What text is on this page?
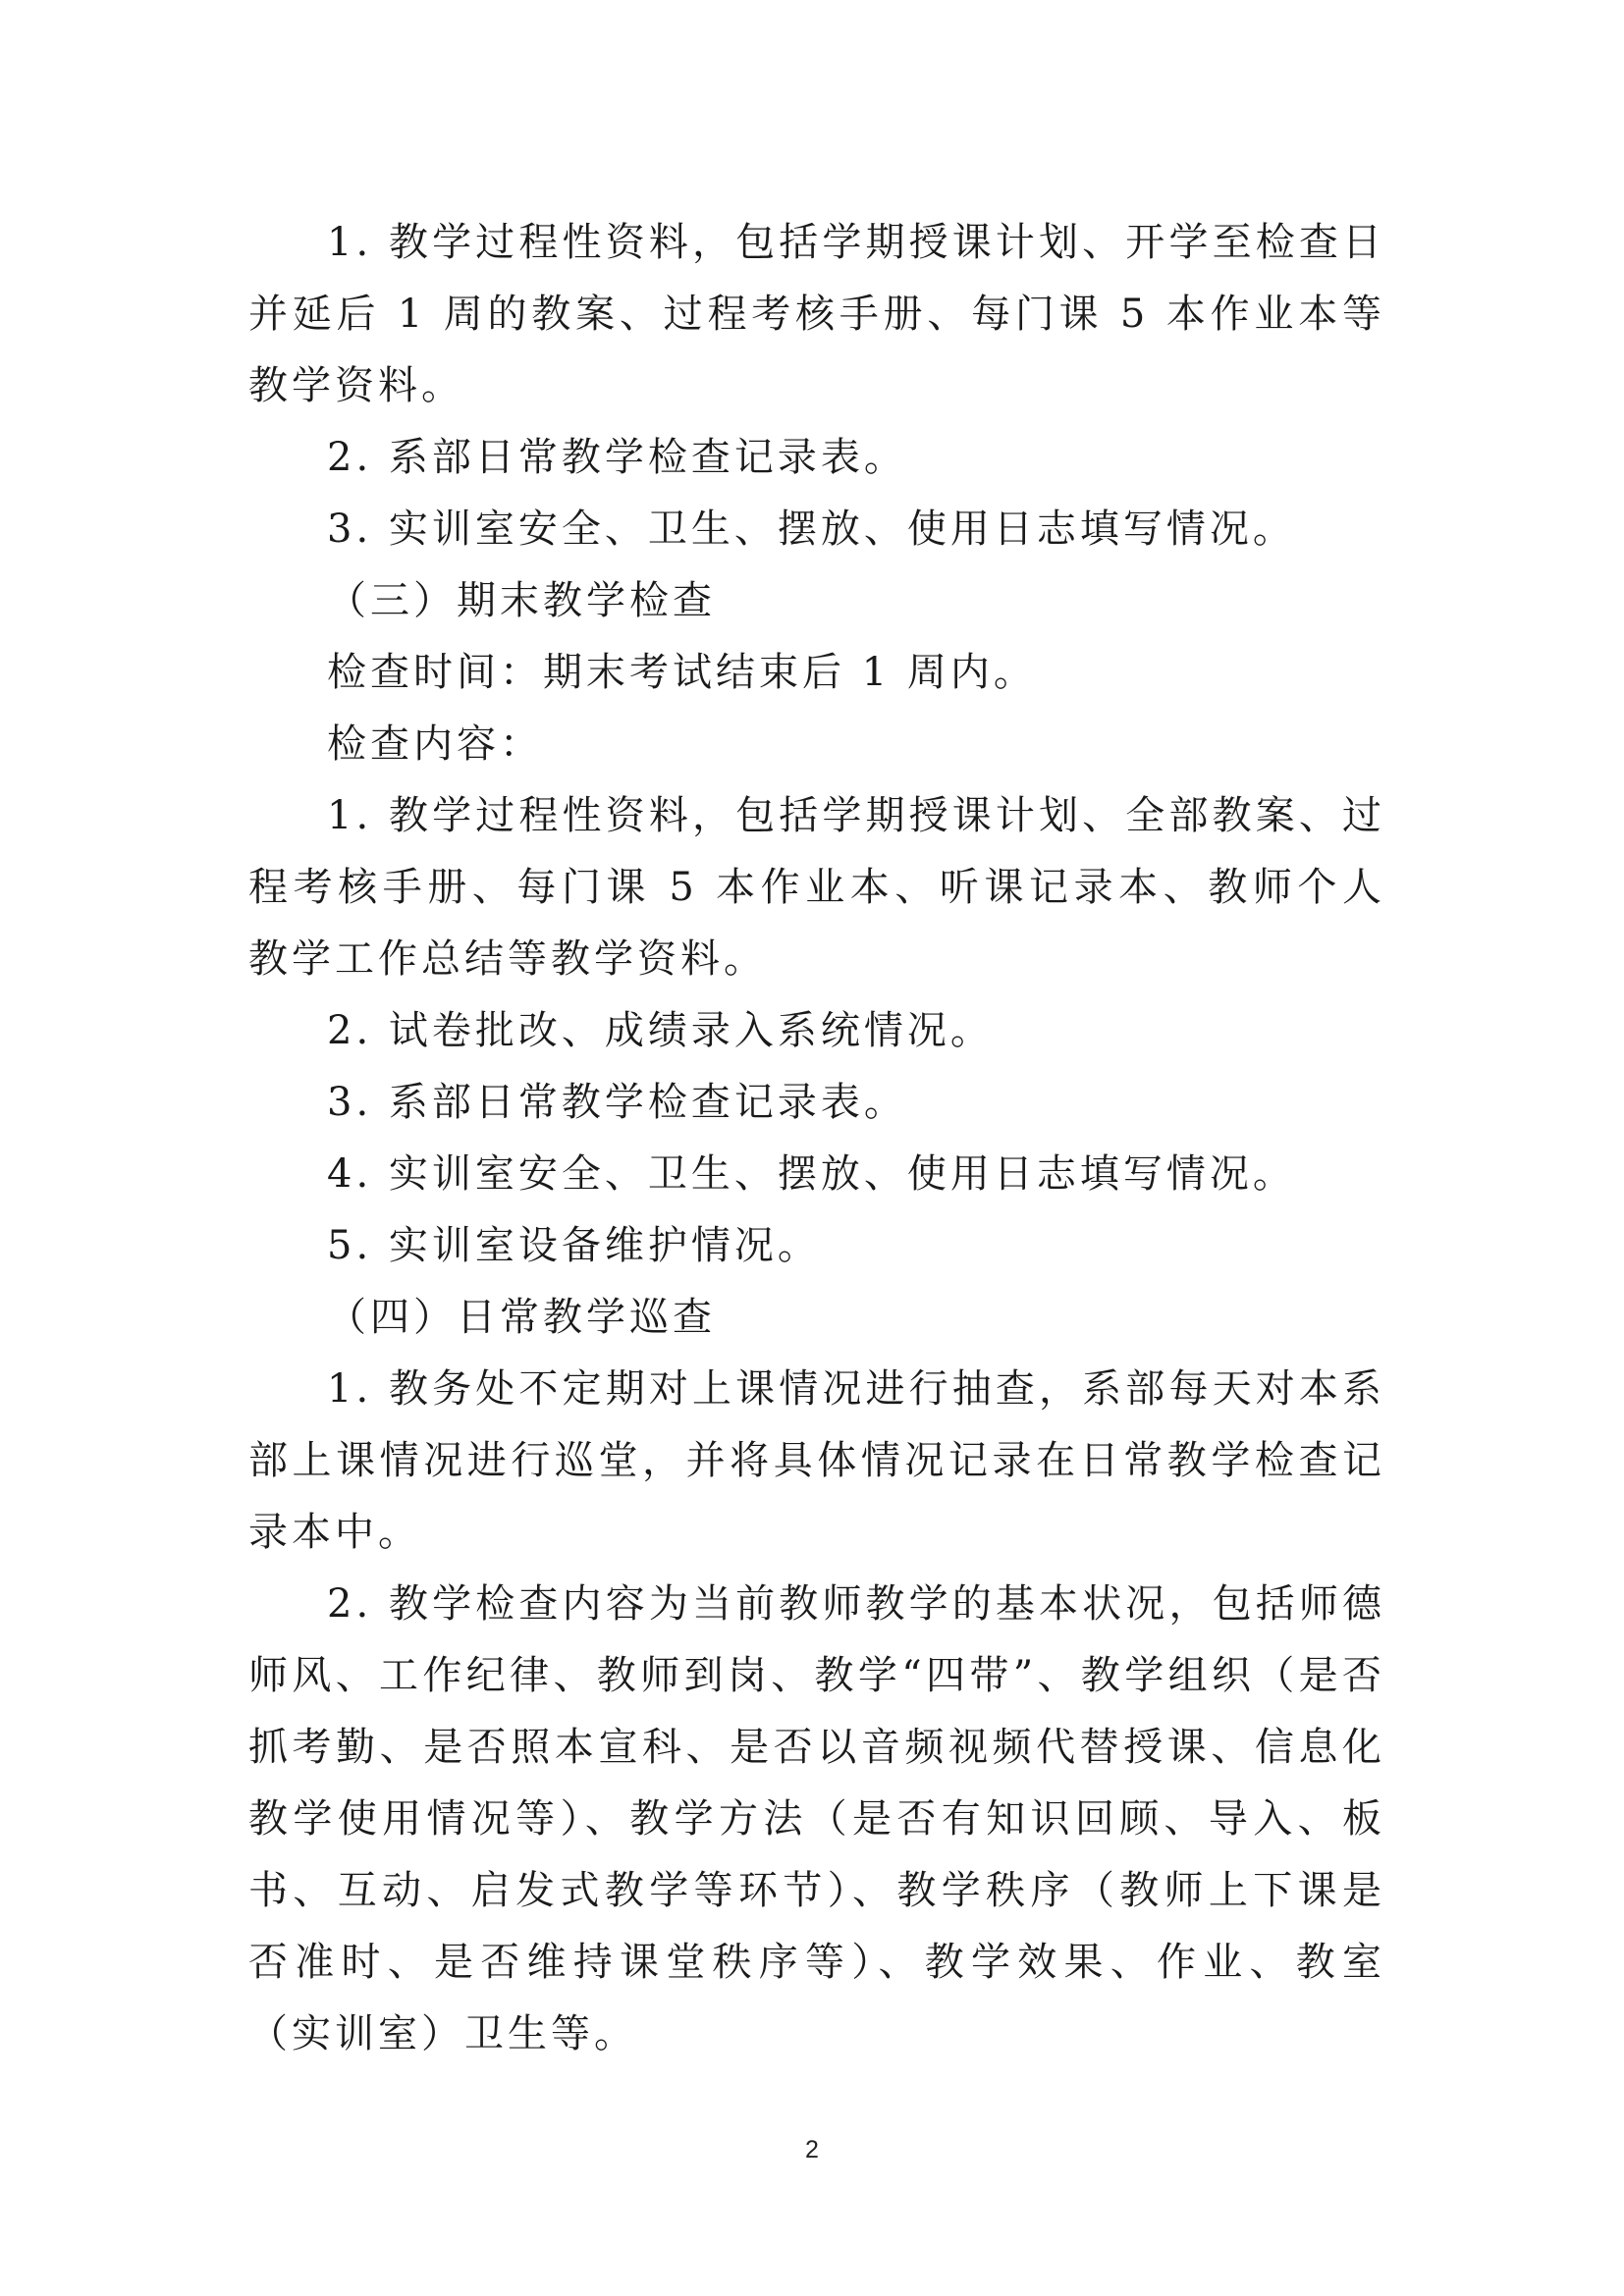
1. 教学过程性资料，包括学期授课计划、开学至检查日并延后 1 周的教案、过程考核手册、每门课 5 本作业本等教学资料。

2. 系部日常教学检查记录表。

3. 实训室安全、卫生、摆放、使用日志填写情况。

（三）期末教学检查

检查时间：期末考试结束后 1 周内。

检查内容：

1. 教学过程性资料，包括学期授课计划、全部教案、过程考核手册、每门课 5 本作业本、听课记录本、教师个人教学工作总结等教学资料。

2. 试卷批改、成绩录入系统情况。

3. 系部日常教学检查记录表。

4. 实训室安全、卫生、摆放、使用日志填写情况。

5. 实训室设备维护情况。

（四）日常教学巡查

1. 教务处不定期对上课情况进行抽查，系部每天对本系部上课情况进行巡堂，并将具体情况记录在日常教学检查记录本中。

2. 教学检查内容为当前教师教学的基本状况，包括师德师风、工作纪律、教师到岗、教学“四带”、教学组织（是否抓考勤、是否照本宣科、是否以音频视频代替授课、信息化教学使用情况等）、教学方法（是否有知识回顾、导入、板书、互动、启发式教学等环节）、教学秩序（教师上下课是否准时、是否维持课堂秩序等）、教学效果、作业、教室（实训室）卫生等。

2
